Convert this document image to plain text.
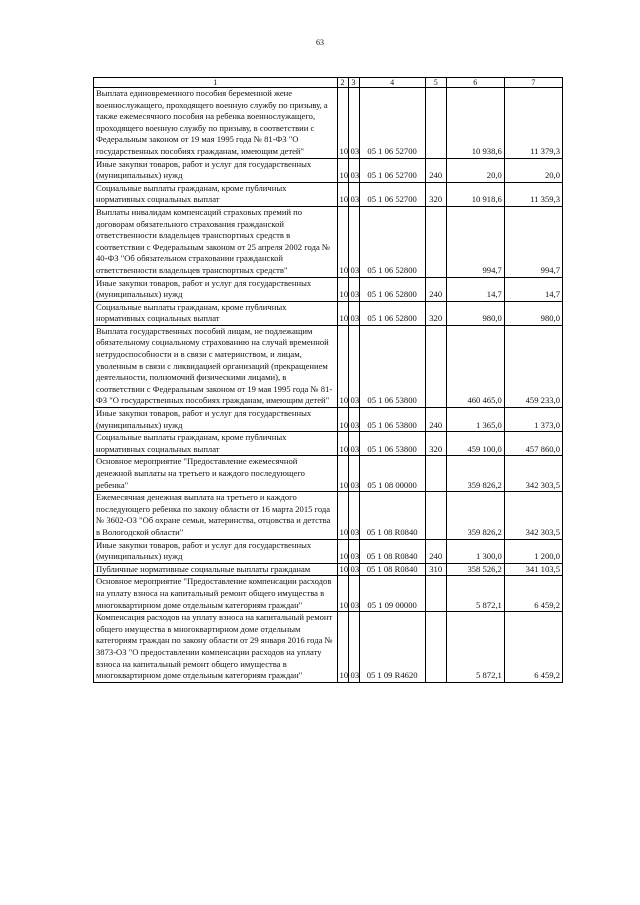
63
1	2	3	4	5	6	7
Выплата единовременного пособия беременной жене военнослужащего, проходящего военную службу по призыву, а также ежемесячного пособия на ребенка военнослужащего, проходящего военную службу по призыву, в соответствии с Федеральным законом от 19 мая 1995 года № 81-ФЗ "О государственных пособиях гражданам, имеющим детей"	10	03	05 1 06 52700		10 938,6	11 379,3
Иные закупки товаров, работ и услуг для государственных (муниципальных) нужд	10	03	05 1 06 52700	240	20,0	20,0
Социальные выплаты гражданам, кроме публичных нормативных социальных выплат	10	03	05 1 06 52700	320	10 918,6	11 359,3
Выплаты инвалидам компенсаций страховых премий по договорам обязательного страхования гражданской ответственности владельцев транспортных средств в соответствии с Федеральным законом от 25 апреля 2002 года № 40-ФЗ "Об обязательном страховании гражданской ответственности владельцев транспортных средств"	10	03	05 1 06 52800		994,7	994,7
Иные закупки товаров, работ и услуг для государственных (муниципальных) нужд	10	03	05 1 06 52800	240	14,7	14,7
Социальные выплаты гражданам, кроме публичных нормативных социальных выплат	10	03	05 1 06 52800	320	980,0	980,0
Выплата государственных пособий лицам, не подлежащим обязательному социальному страхованию на случай временной нетрудоспособности и в связи с материнством, и лицам, уволенным в связи с ликвидацией организаций (прекращением деятельности, полномочий физическими лицами), в соответствии с Федеральным законом от 19 мая 1995 года № 81-ФЗ "О государственных пособиях гражданам, имеющим детей"	10	03	05 1 06 53800		460 465,0	459 233,0
Иные закупки товаров, работ и услуг для государственных (муниципальных) нужд	10	03	05 1 06 53800	240	1 365,0	1 373,0
Социальные выплаты гражданам, кроме публичных нормативных социальных выплат	10	03	05 1 06 53800	320	459 100,0	457 860,0
Основное мероприятие "Предоставление ежемесячной денежной выплаты на третьего и каждого последующего ребенка"	10	03	05 1 08 00000		359 826,2	342 303,5
Ежемесячная денежная выплата на третьего и каждого последующего ребенка по закону области от 16 марта 2015 года № 3602-ОЗ "Об охране семьи, материнства, отцовства и детства в Вологодской области"	10	03	05 1 08 R0840		359 826,2	342 303,5
Иные закупки товаров, работ и услуг для государственных (муниципальных) нужд	10	03	05 1 08 R0840	240	1 300,0	1 200,0
Публичные нормативные социальные выплаты гражданам	10	03	05 1 08 R0840	310	358 526,2	341 103,5
Основное мероприятие "Предоставление компенсации расходов на уплату взноса на капитальный ремонт общего имущества в многоквартирном доме отдельным категориям граждан"	10	03	05 1 09 00000		5 872,1	6 459,2
Компенсация расходов на уплату взноса на капитальный ремонт общего имущества в многоквартирном доме отдельным категориям граждан по закону области от 29 января 2016 года № 3873-ОЗ "О предоставлении компенсации расходов на уплату взноса на капитальный ремонт общего имущества в многоквартирном доме отдельным категориям граждан"	10	03	05 1 09 R4620		5 872,1	6 459,2
